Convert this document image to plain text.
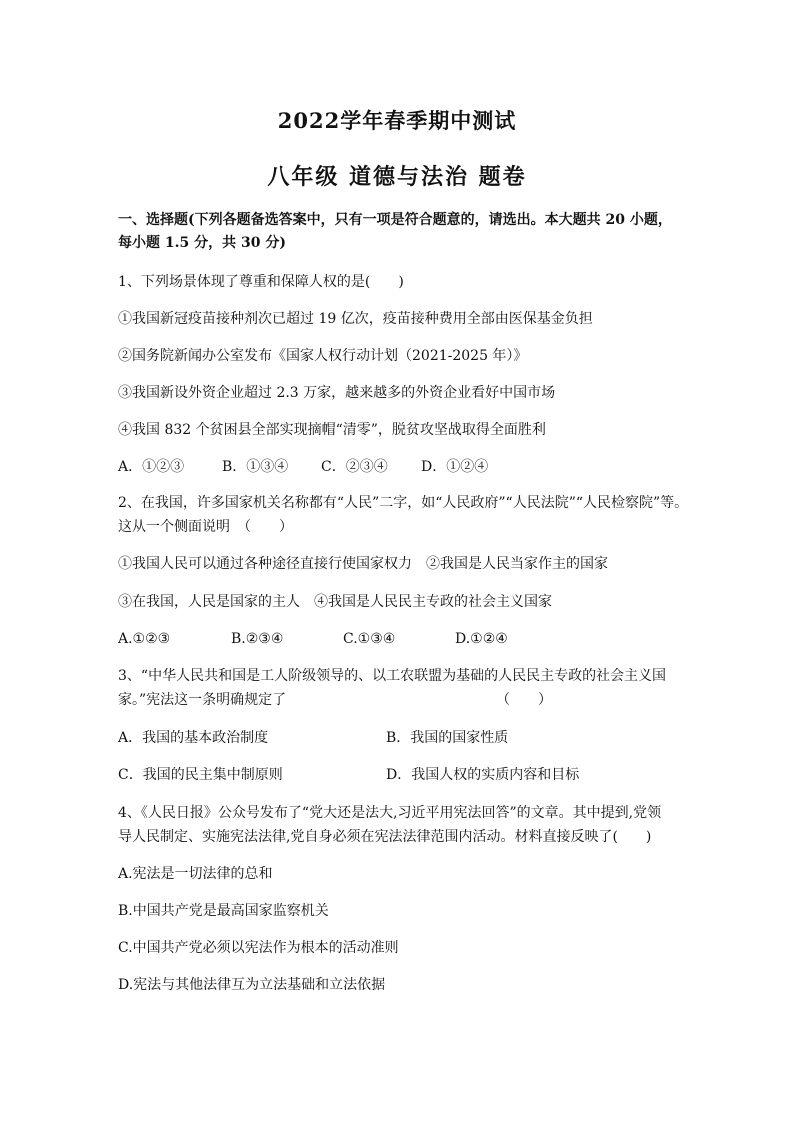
2022学年春季期中测试
八年级 道德与法治 题卷
一、选择题(下列各题备选答案中，只有一项是符合题意的，请选出。本大题共 20 小题，
每小题 1.5 分，共 30 分)
1、下列场景体现了尊重和保障人权的是(　　)
①我国新冠疫苗接种剂次已超过 19 亿次，疫苗接种费用全部由医保基金负担
②国务院新闻办公室发布《国家人权行动计划（2021-2025 年）》
③我国新设外资企业超过 2.3 万家，越来越多的外资企业看好中国市场
④我国 832 个贫困县全部实现摘帽“清零”，脱贫攻坚战取得全面胜利
A．①②③	B．①③④ C．②③④ D．①②④
2、在我国，许多国家机关名称都有“人民”二字，如“人民政府”“人民法院”“人民检察院”等。
这从一个侧面说明　（　　）
①我国人民可以通过各种途径直接行使国家权力　②我国是人民当家作主的国家
③在我国，人民是国家的主人　④我国是人民民主专政的社会主义国家
A.①②③	B.②③④	C.①③④	D.①②④
3、“中华人民共和国是工人阶级领导的、以工农联盟为基础的人民民主专政的社会主义国
家。”宪法这一条明确规定了	（　　）
A．我国的基本政治制度	B．我国的国家性质
C．我国的民主集中制原则	D．我国人权的实质内容和目标
4、《人民日报》公众号发布了“党大还是法大,习近平用宪法回答”的文章。其中提到,党领
导人民制定、实施宪法法律,党自身必须在宪法法律范围内活动。材料直接反映了(　　)
A.宪法是一切法律的总和
B.中国共产党是最高国家监察机关
C.中国共产党必须以宪法作为根本的活动准则
D.宪法与其他法律互为立法基础和立法依据
